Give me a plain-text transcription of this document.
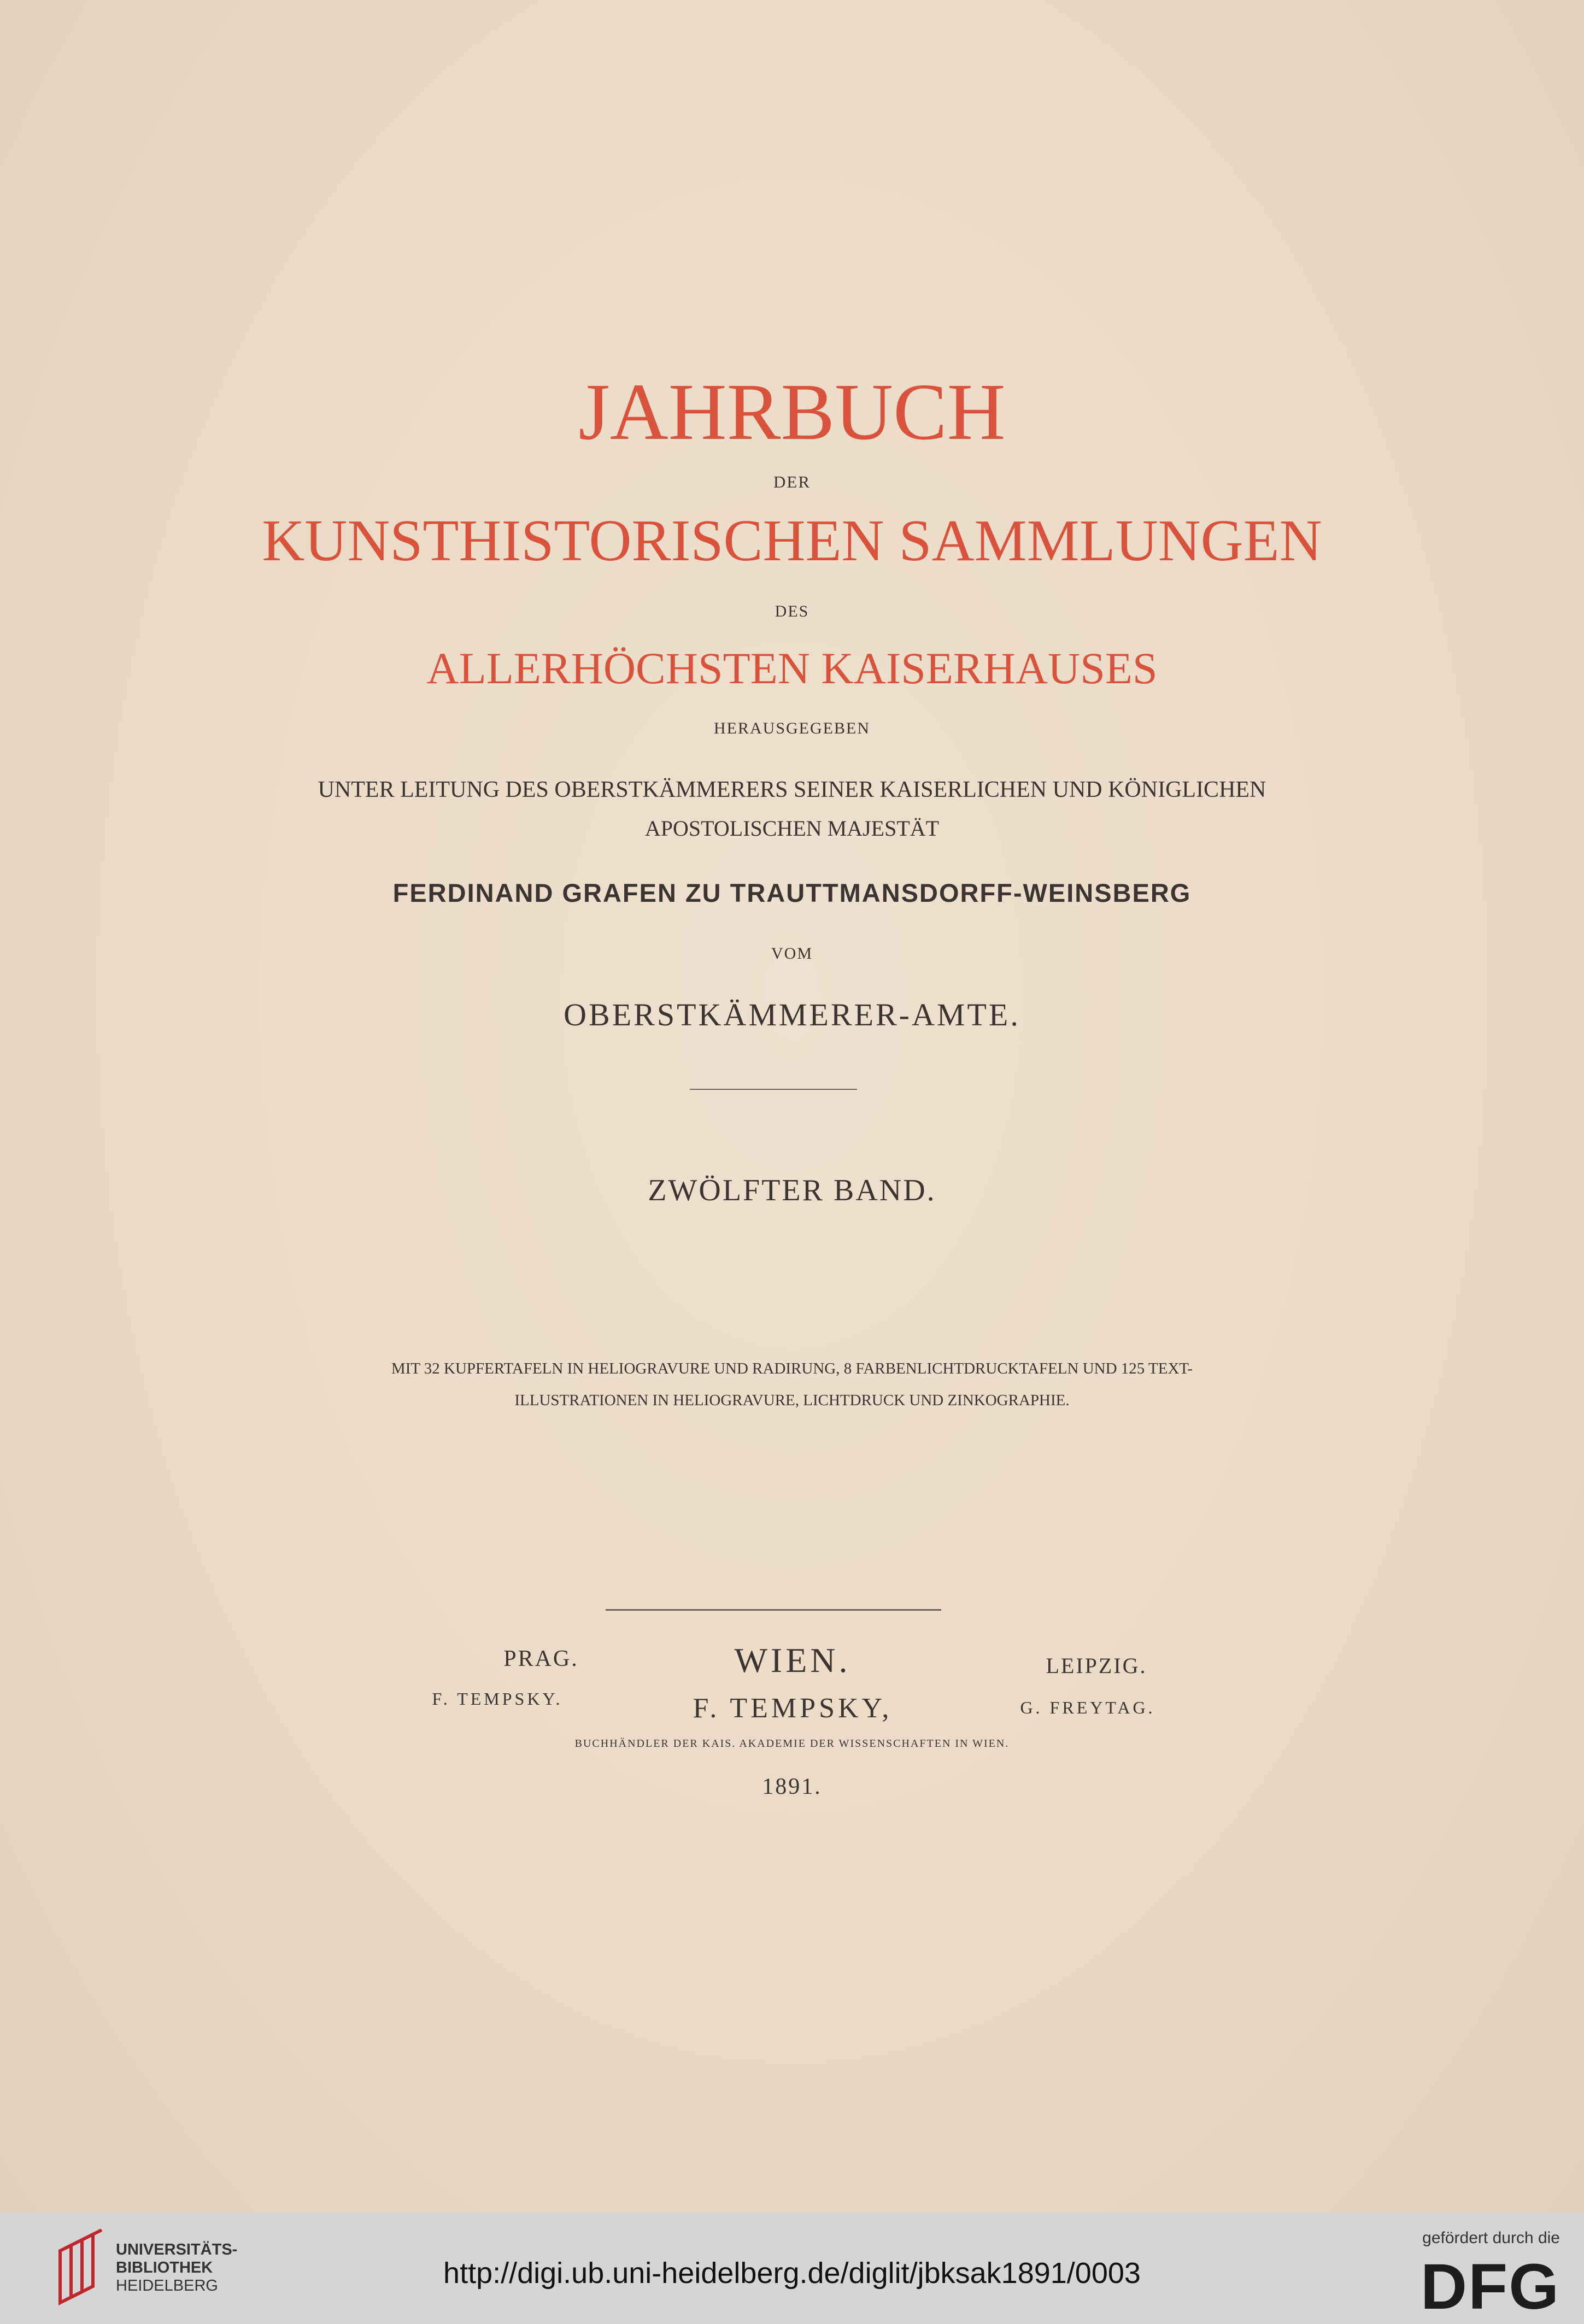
JAHRBUCH
DER
KUNSTHISTORISCHEN SAMMLUNGEN
DES
ALLERHÖCHSTEN KAISERHAUSES
HERAUSGEGEBEN
UNTER LEITUNG DES OBERSTKÄMMERERS SEINER KAISERLICHEN UND KÖNIGLICHEN
APOSTOLISCHEN MAJESTÄT
FERDINAND GRAFEN ZU TRAUTTMANSDORFF-WEINSBERG
VOM
OBERSTKÄMMERER-AMTE.
ZWÖLFTER BAND.
MIT 32 KUPFERTAFELN IN HELIOGRAVURE UND RADIRUNG, 8 FARBENLICHTDRUCKTAFELN UND 125 TEXT-
ILLUSTRATIONEN IN HELIOGRAVURE, LICHTDRUCK UND ZINKOGRAPHIE.
PRAG.
F. TEMPSKY.
WIEN.
F. TEMPSKY,
LEIPZIG.
G. FREYTAG.
BUCHHÄNDLER DER KAIS. AKADEMIE DER WISSENSCHAFTEN IN WIEN.
1891.
UNIVERSITÄTS-
BIBLIOTHEK
HEIDELBERG	http://digi.ub.uni-heidelberg.de/diglit/jbksak1891/0003
gefördert durch die
DFG
